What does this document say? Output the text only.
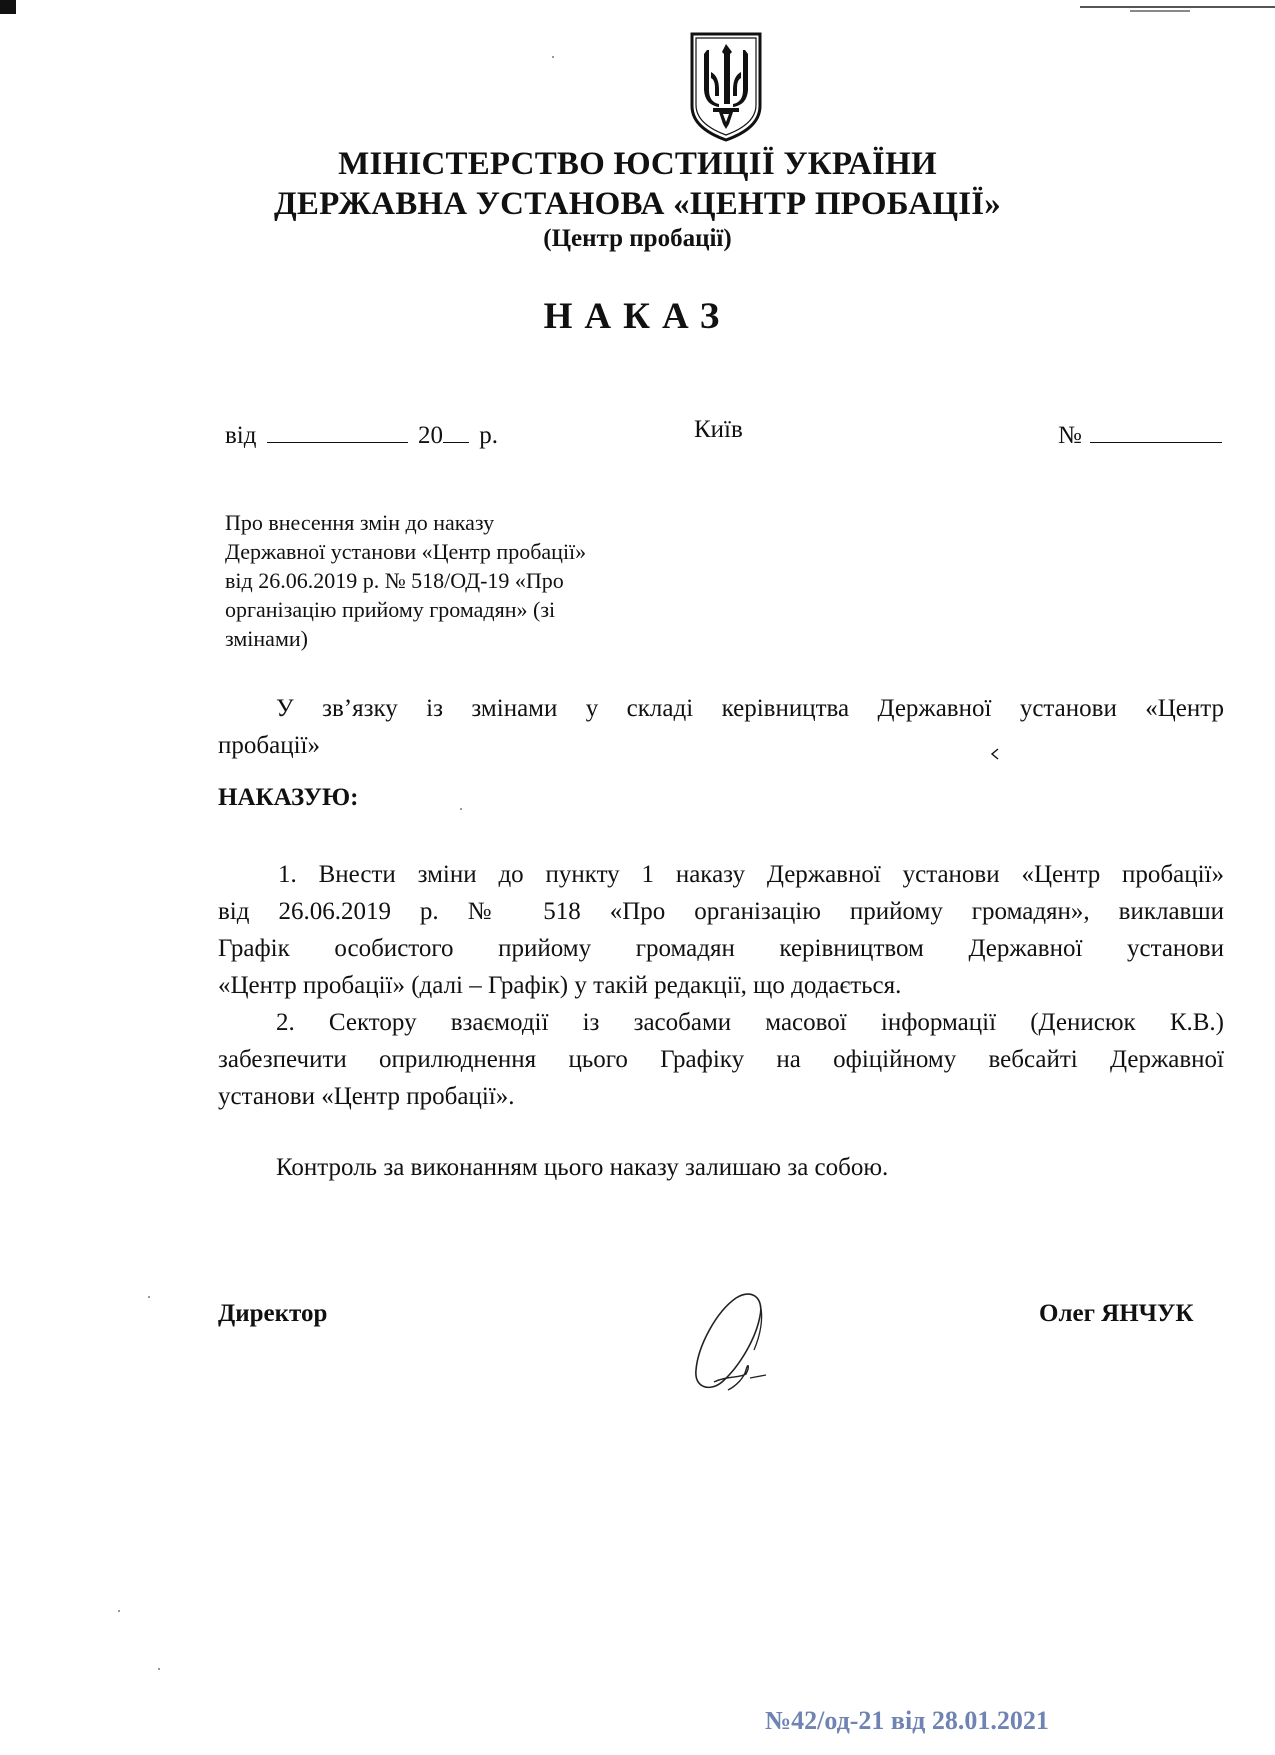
МІНІСТЕРСТВО ЮСТИЦІЇ УКРАЇНИ
ДЕРЖАВНА УСТАНОВА «ЦЕНТР ПРОБАЦІЇ»
(Центр пробації)
НАКАЗ
від	20 р.	Київ	№
Про внесення змін до наказу
Державної установи «Центр пробації»
від 26.06.2019 р. № 518/ОД-19 «Про
організацію прийому громадян» (зі
змінами)
У зв’язку із змінами у складі керівництва Державної установи «Центр
пробації»
НАКАЗУЮ:
1. Внести зміни до пункту 1 наказу Державної установи «Центр пробації»
від 26.06.2019 р. № 518 «Про організацію прийому громадян», виклавши
Графік особистого прийому громадян керівництвом Державної установи
«Центр пробації» (далі – Графік) у такій редакції, що додається.
2. Сектору взаємодії із засобами масової інформації (Денисюк К.В.)
забезпечити оприлюднення цього Графіку на офіційному вебсайті Державної
установи «Центр пробації».
Контроль за виконанням цього наказу залишаю за собою.
Директор	Олег ЯНЧУК
№42/од-21 від 28.01.2021
